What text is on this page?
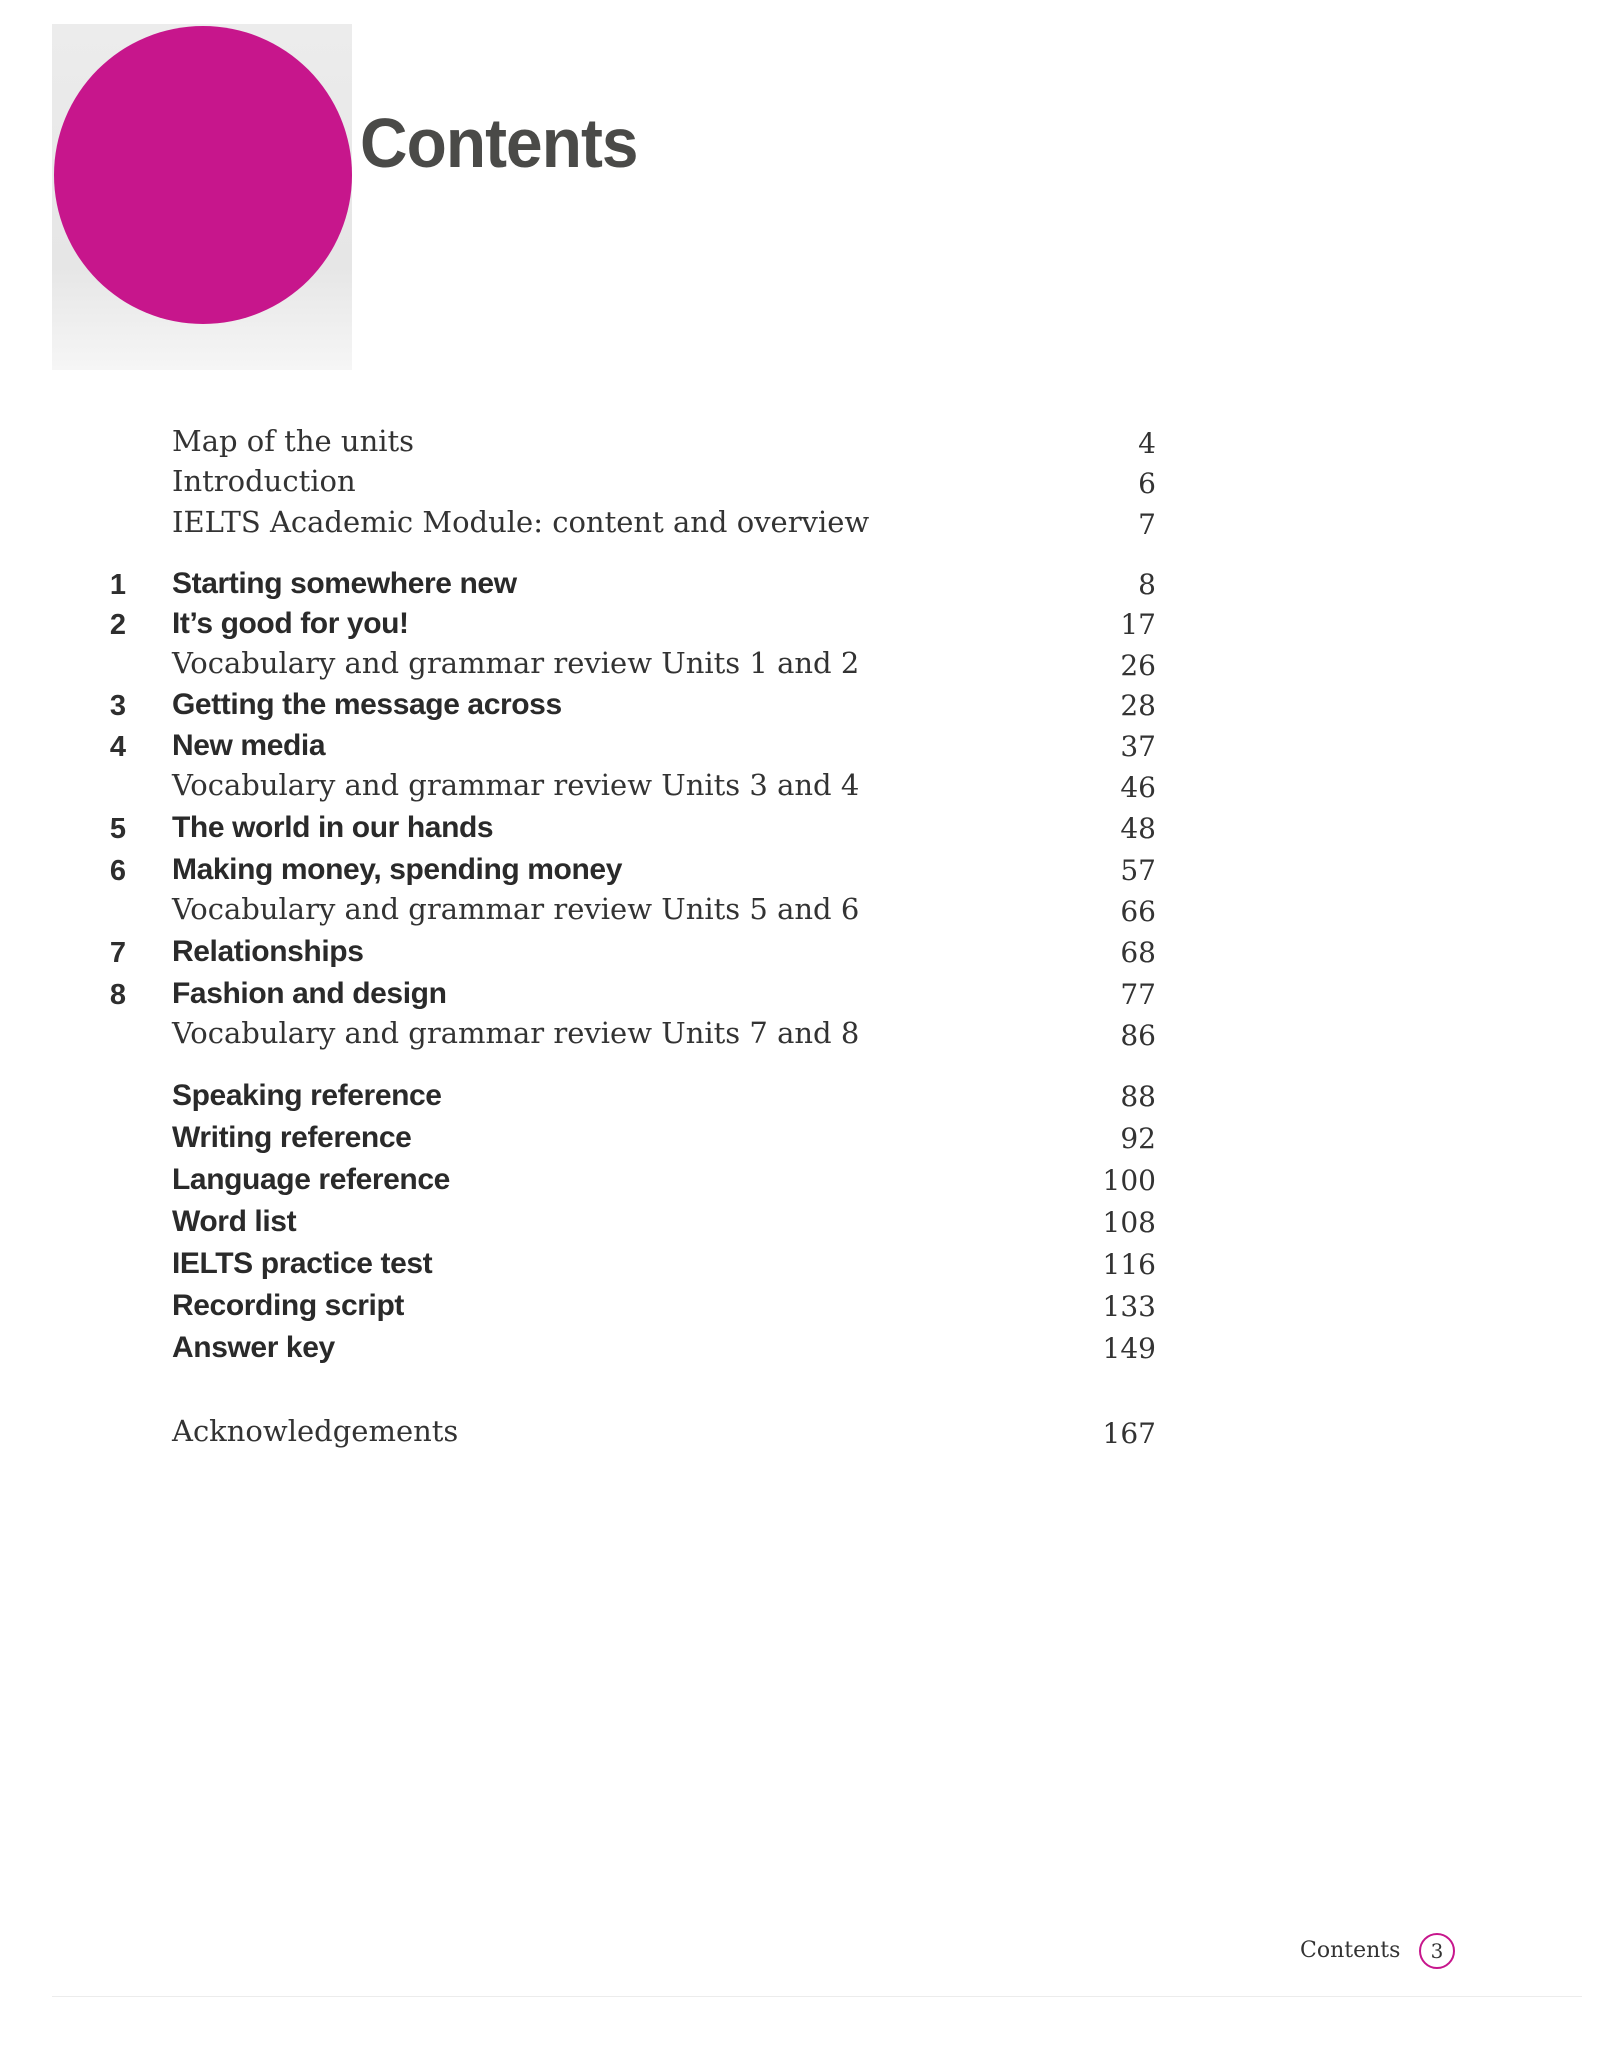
Contents
Map of the units	4
Introduction	6
IELTS Academic Module: content and overview	7
1	Starting somewhere new	8
2	It’s good for you!	17
Vocabulary and grammar review Units 1 and 2	26
3	Getting the message across	28
4	New media	37
Vocabulary and grammar review Units 3 and 4	46
5	The world in our hands	48
6	Making money, spending money	57
Vocabulary and grammar review Units 5 and 6	66
7	Relationships	68
8	Fashion and design	77
Vocabulary and grammar review Units 7 and 8	86
Speaking reference	88
Writing reference	92
Language reference	100
Word list	108
IELTS practice test	116
Recording script	133
Answer key	149
Acknowledgements	167
Contents 3
